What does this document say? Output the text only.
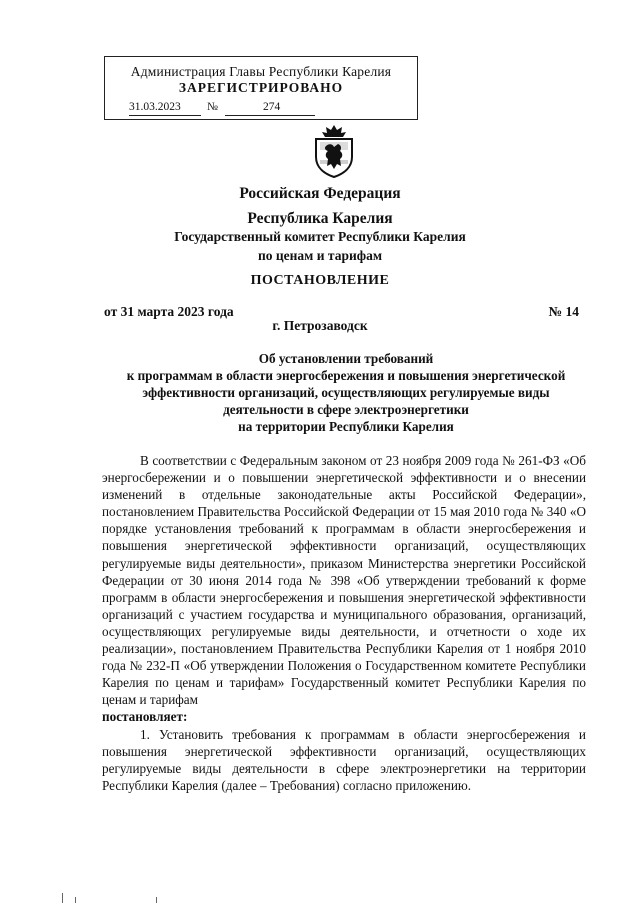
Администрация Главы Республики Карелия
ЗАРЕГИСТРИРОВАНО
31.03.2023 №	274
Российская Федерация
Республика Карелия
Государственный комитет Республики Карелия
по ценам и тарифам
ПОСТАНОВЛЕНИЕ
от 31 марта 2023 года	№ 14
г. Петрозаводск
Об установлении требований
к программам в области энергосбережения и повышения энергетической
эффективности организаций, осуществляющих регулируемые виды
деятельности в сфере электроэнергетики
на территории Республики Карелия

В соответствии с Федеральным законом от 23 ноября 2009 года № 261-ФЗ «Об энергосбережении и о повышении энергетической эффективности и о внесении изменений в отдельные законодательные акты Российской Федерации», постановлением Правительства Российской Федерации от 15 мая 2010 года № 340 «О порядке установления требований к программам в области энергосбережения и повышения энергетической эффективности организаций, осуществляющих регулируемые виды деятельности», приказом Министерства энергетики Российской Федерации от 30 июня 2014 года № 398 «Об утверждении требований к форме программ в области энергосбережения и повышения энергетической эффективности организаций с участием государства и муниципального образования, организаций, осуществляющих регулируемые виды деятельности, и отчетности о ходе их реализации», постановлением Правительства Республики Карелия от 1 ноября 2010 года № 232-П «Об утверждении Положения о Государственном комитете Республики Карелия по ценам и тарифам» Государственный комитет Республики Карелия по ценам и тарифам

постановляет:

1. Установить требования к программам в области энергосбережения и повышения энергетической эффективности организаций, осуществляющих регулируемые виды деятельности в сфере электроэнергетики на территории Республики Карелия (далее – Требования) согласно приложению.
